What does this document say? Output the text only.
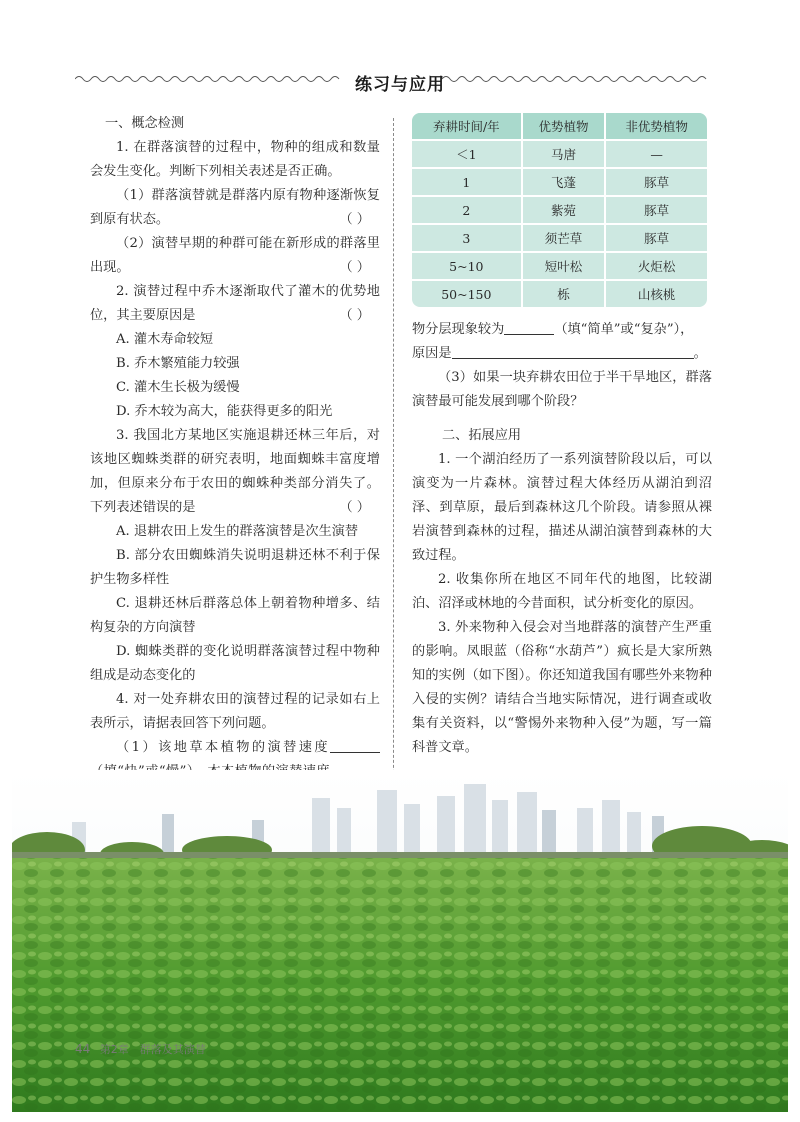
练习与应用

一、概念检测

1. 在群落演替的过程中，物种的组成和数量会发生变化。判断下列相关表述是否正确。

（1）群落演替就是群落内原有物种逐渐恢复到原有状态。	（ ）

（2）演替早期的种群可能在新形成的群落里出现。	（ ）

2. 演替过程中乔木逐渐取代了灌木的优势地位，其主要原因是	（ ）

A. 灌木寿命较短

B. 乔木繁殖能力较强

C. 灌木生长极为缓慢

D. 乔木较为高大，能获得更多的阳光

3. 我国北方某地区实施退耕还林三年后，对该地区蜘蛛类群的研究表明，地面蜘蛛丰富度增加，但原来分布于农田的蜘蛛种类部分消失了。下列表述错误的是	（ ）

A. 退耕农田上发生的群落演替是次生演替

B. 部分农田蜘蛛消失说明退耕还林不利于保护生物多样性

C. 退耕还林后群落总体上朝着物种增多、结构复杂的方向演替

D. 蜘蛛类群的变化说明群落演替过程中物种组成是动态变化的

4. 对一处弃耕农田的演替过程的记录如右上表所示，请据表回答下列问题。

（1）该地草本植物的演替速度

弃耕时间/年	优势植物	非优势植物
＜1	马唐	—
1	飞蓬	豚草
2	紫菀	豚草
3	须芒草	豚草
5~10	短叶松	火炬松
50~150	栎	山核桃

物分层现象较为	（填“简单”或“复杂”），

原因是	。

（3）如果一块弃耕农田位于半干旱地区，群落演替最可能发展到哪个阶段？

二、拓展应用

1. 一个湖泊经历了一系列演替阶段以后，可以演变为一片森林。演替过程大体经历从湖泊到沼泽、到草原，最后到森林这几个阶段。请参照从裸岩演替到森林的过程，描述从湖泊演替到森林的大致过程。

2. 收集你所在地区不同年代的地图，比较湖泊、沼泽或林地的今昔面积，试分析变化的原因。

3. 外来物种入侵会对当地群落的演替产生严重的影响。凤眼蓝（俗称“水葫芦”）疯长是大家所熟知的实例（如下图）。你还知道我国有哪些外来物种入侵的实例？请结合当地实际情况，进行调查或收集有关资料，以“警惕外来物种入侵”为题，写一篇科普文章。

44 第2章　群落及其演替
